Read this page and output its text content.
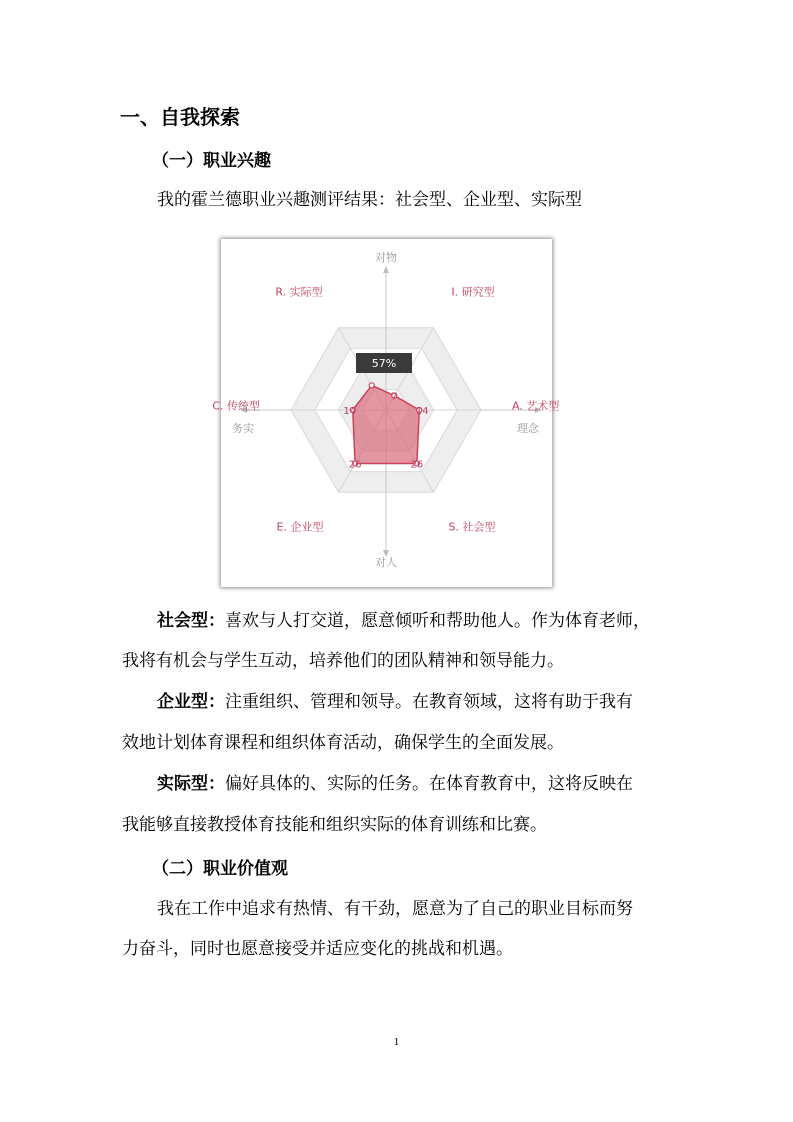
一、自我探索
（一）职业兴趣
我的霍兰德职业兴趣测评结果：社会型、企业型、实际型
7
14
26
26
14
R. 实际型	I. 研究型
A. 艺术型
S. 社会型
E. 企业型
C. 传统型
对物
对人
务实	理念
57%
社会型：喜欢与人打交道，愿意倾听和帮助他人。作为体育老师，
我将有机会与学生互动，培养他们的团队精神和领导能力。
企业型：注重组织、管理和领导。在教育领域，这将有助于我有
效地计划体育课程和组织体育活动，确保学生的全面发展。
实际型：偏好具体的、实际的任务。在体育教育中，这将反映在
我能够直接教授体育技能和组织实际的体育训练和比赛。
（二）职业价值观
我在工作中追求有热情、有干劲，愿意为了自己的职业目标而努
力奋斗，同时也愿意接受并适应变化的挑战和机遇。
1
